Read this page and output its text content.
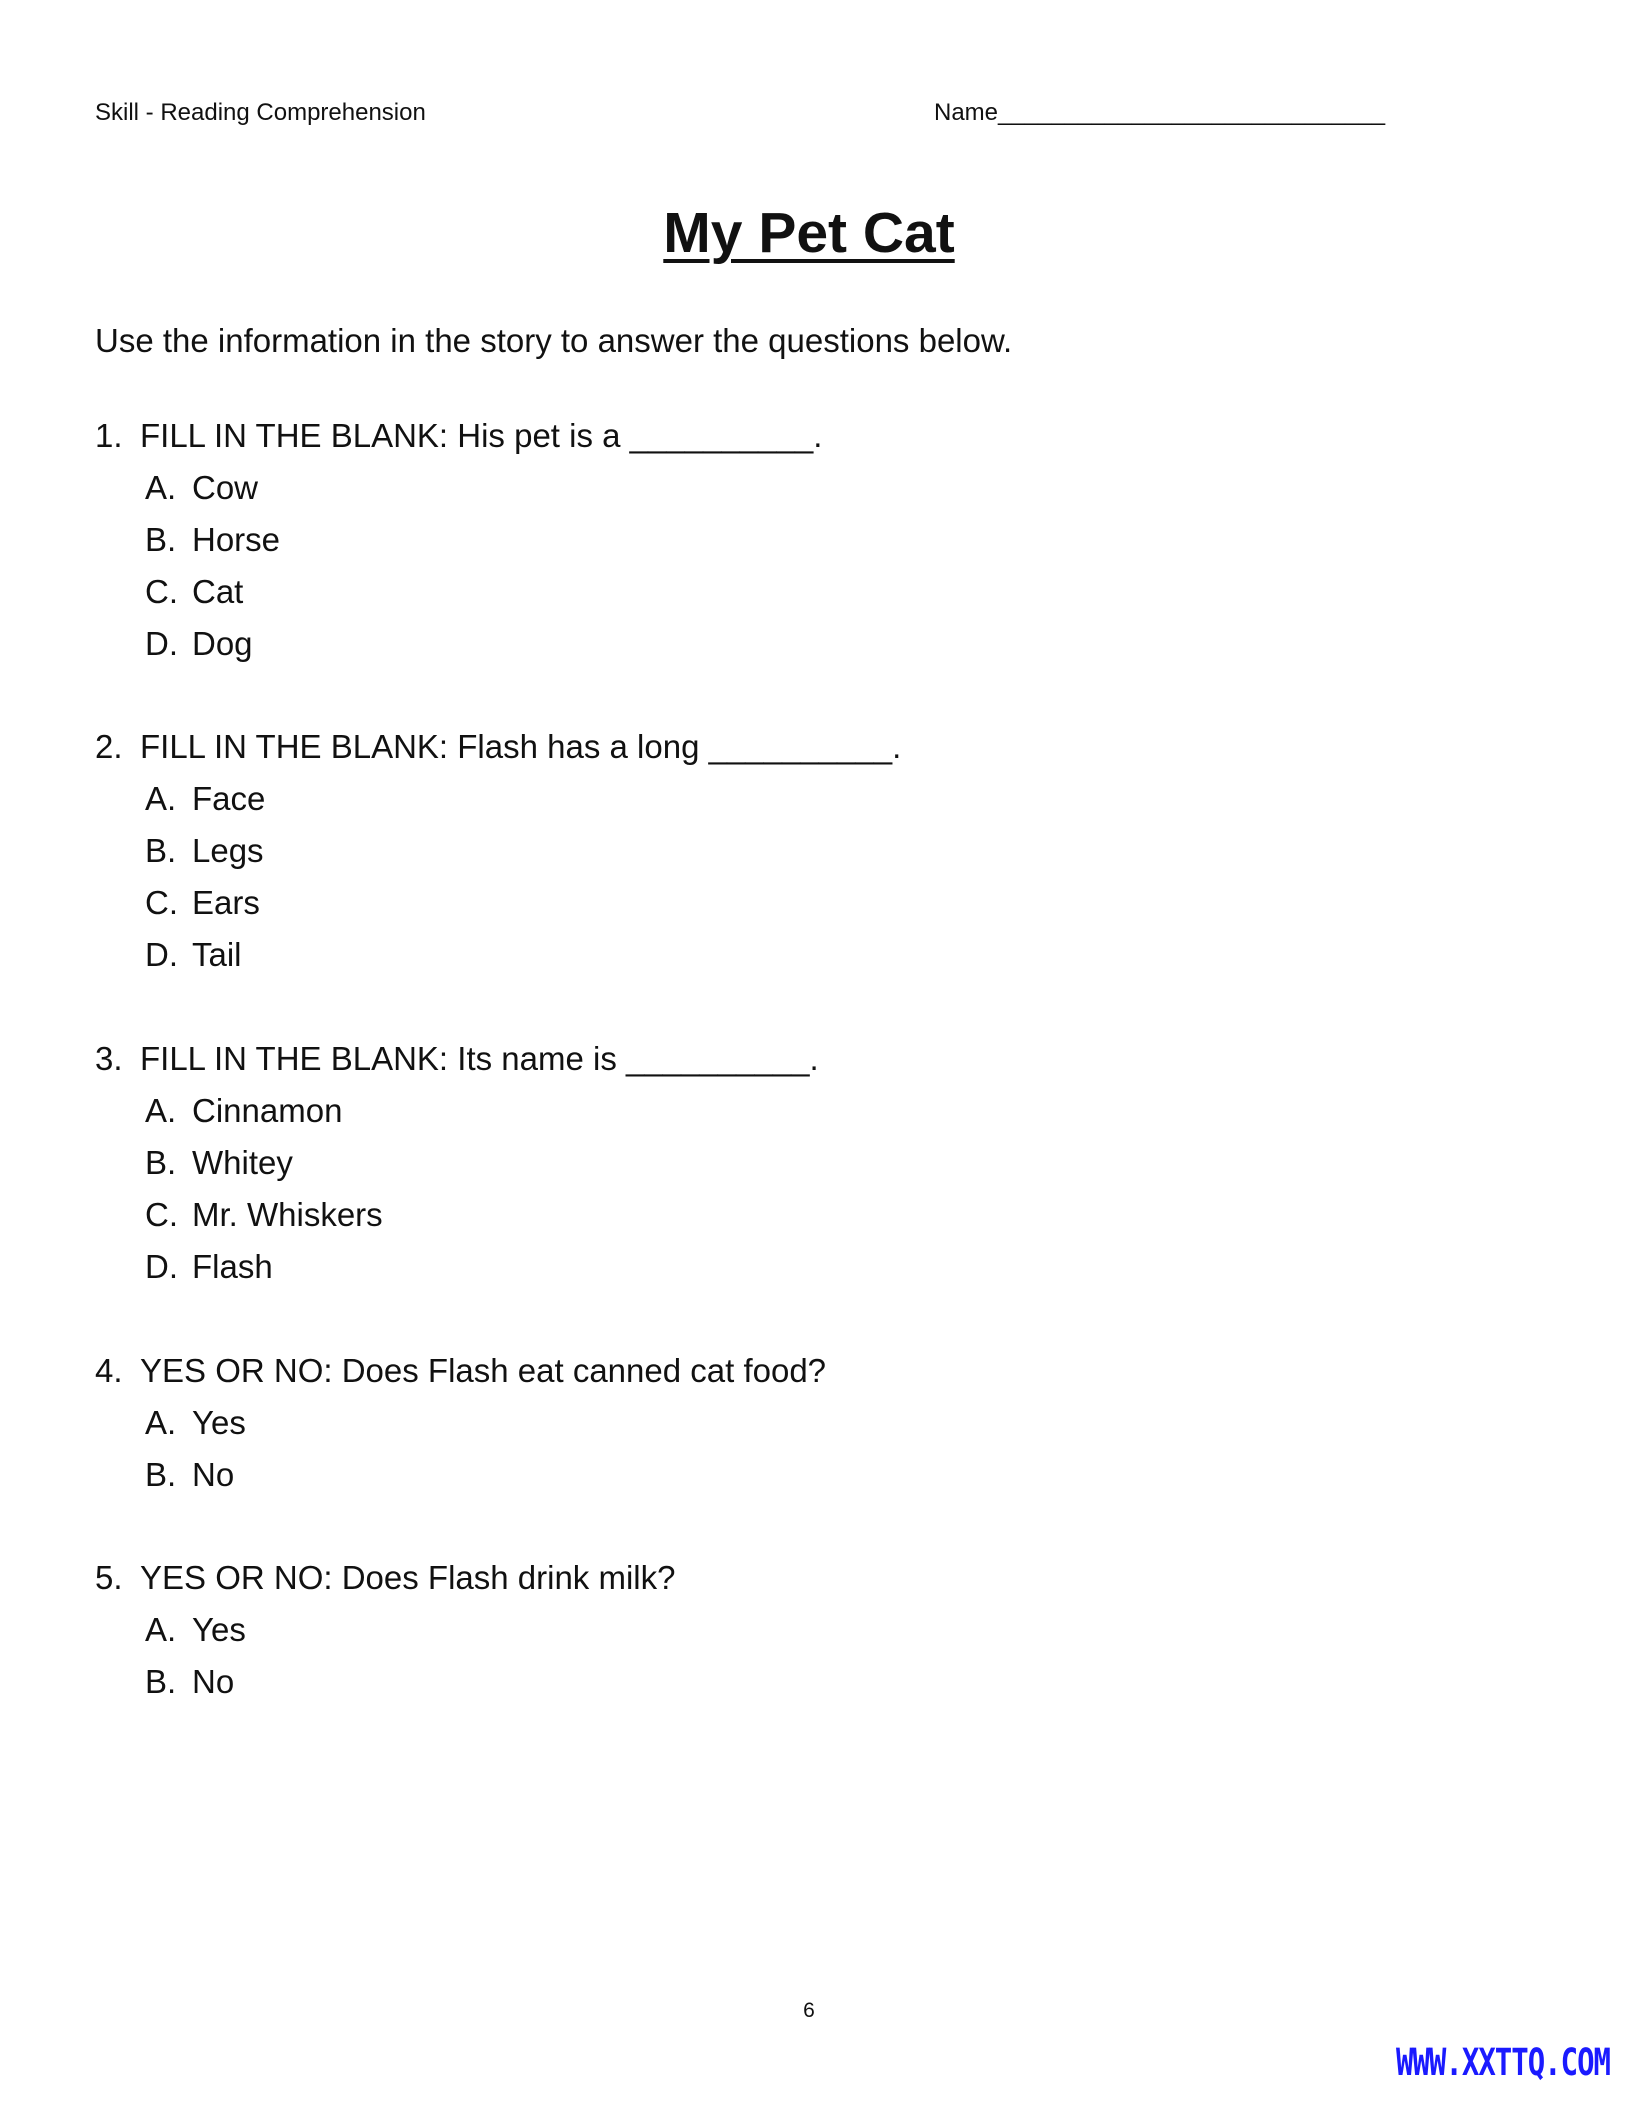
Skill - Reading Comprehension	Name_____________________________
My Pet Cat
Use the information in the story to answer the questions below.
1. FILL IN THE BLANK: His pet is a __________.
A. Cow
B. Horse
C. Cat
D. Dog
2. FILL IN THE BLANK: Flash has a long __________.
A. Face
B. Legs
C. Ears
D. Tail
3. FILL IN THE BLANK: Its name is __________.
A. Cinnamon
B. Whitey
C. Mr. Whiskers
D. Flash
4. YES OR NO: Does Flash eat canned cat food?
A. Yes
B. No
5. YES OR NO: Does Flash drink milk?
A. Yes
B. No
6
WWW.XXTTQ.COM
